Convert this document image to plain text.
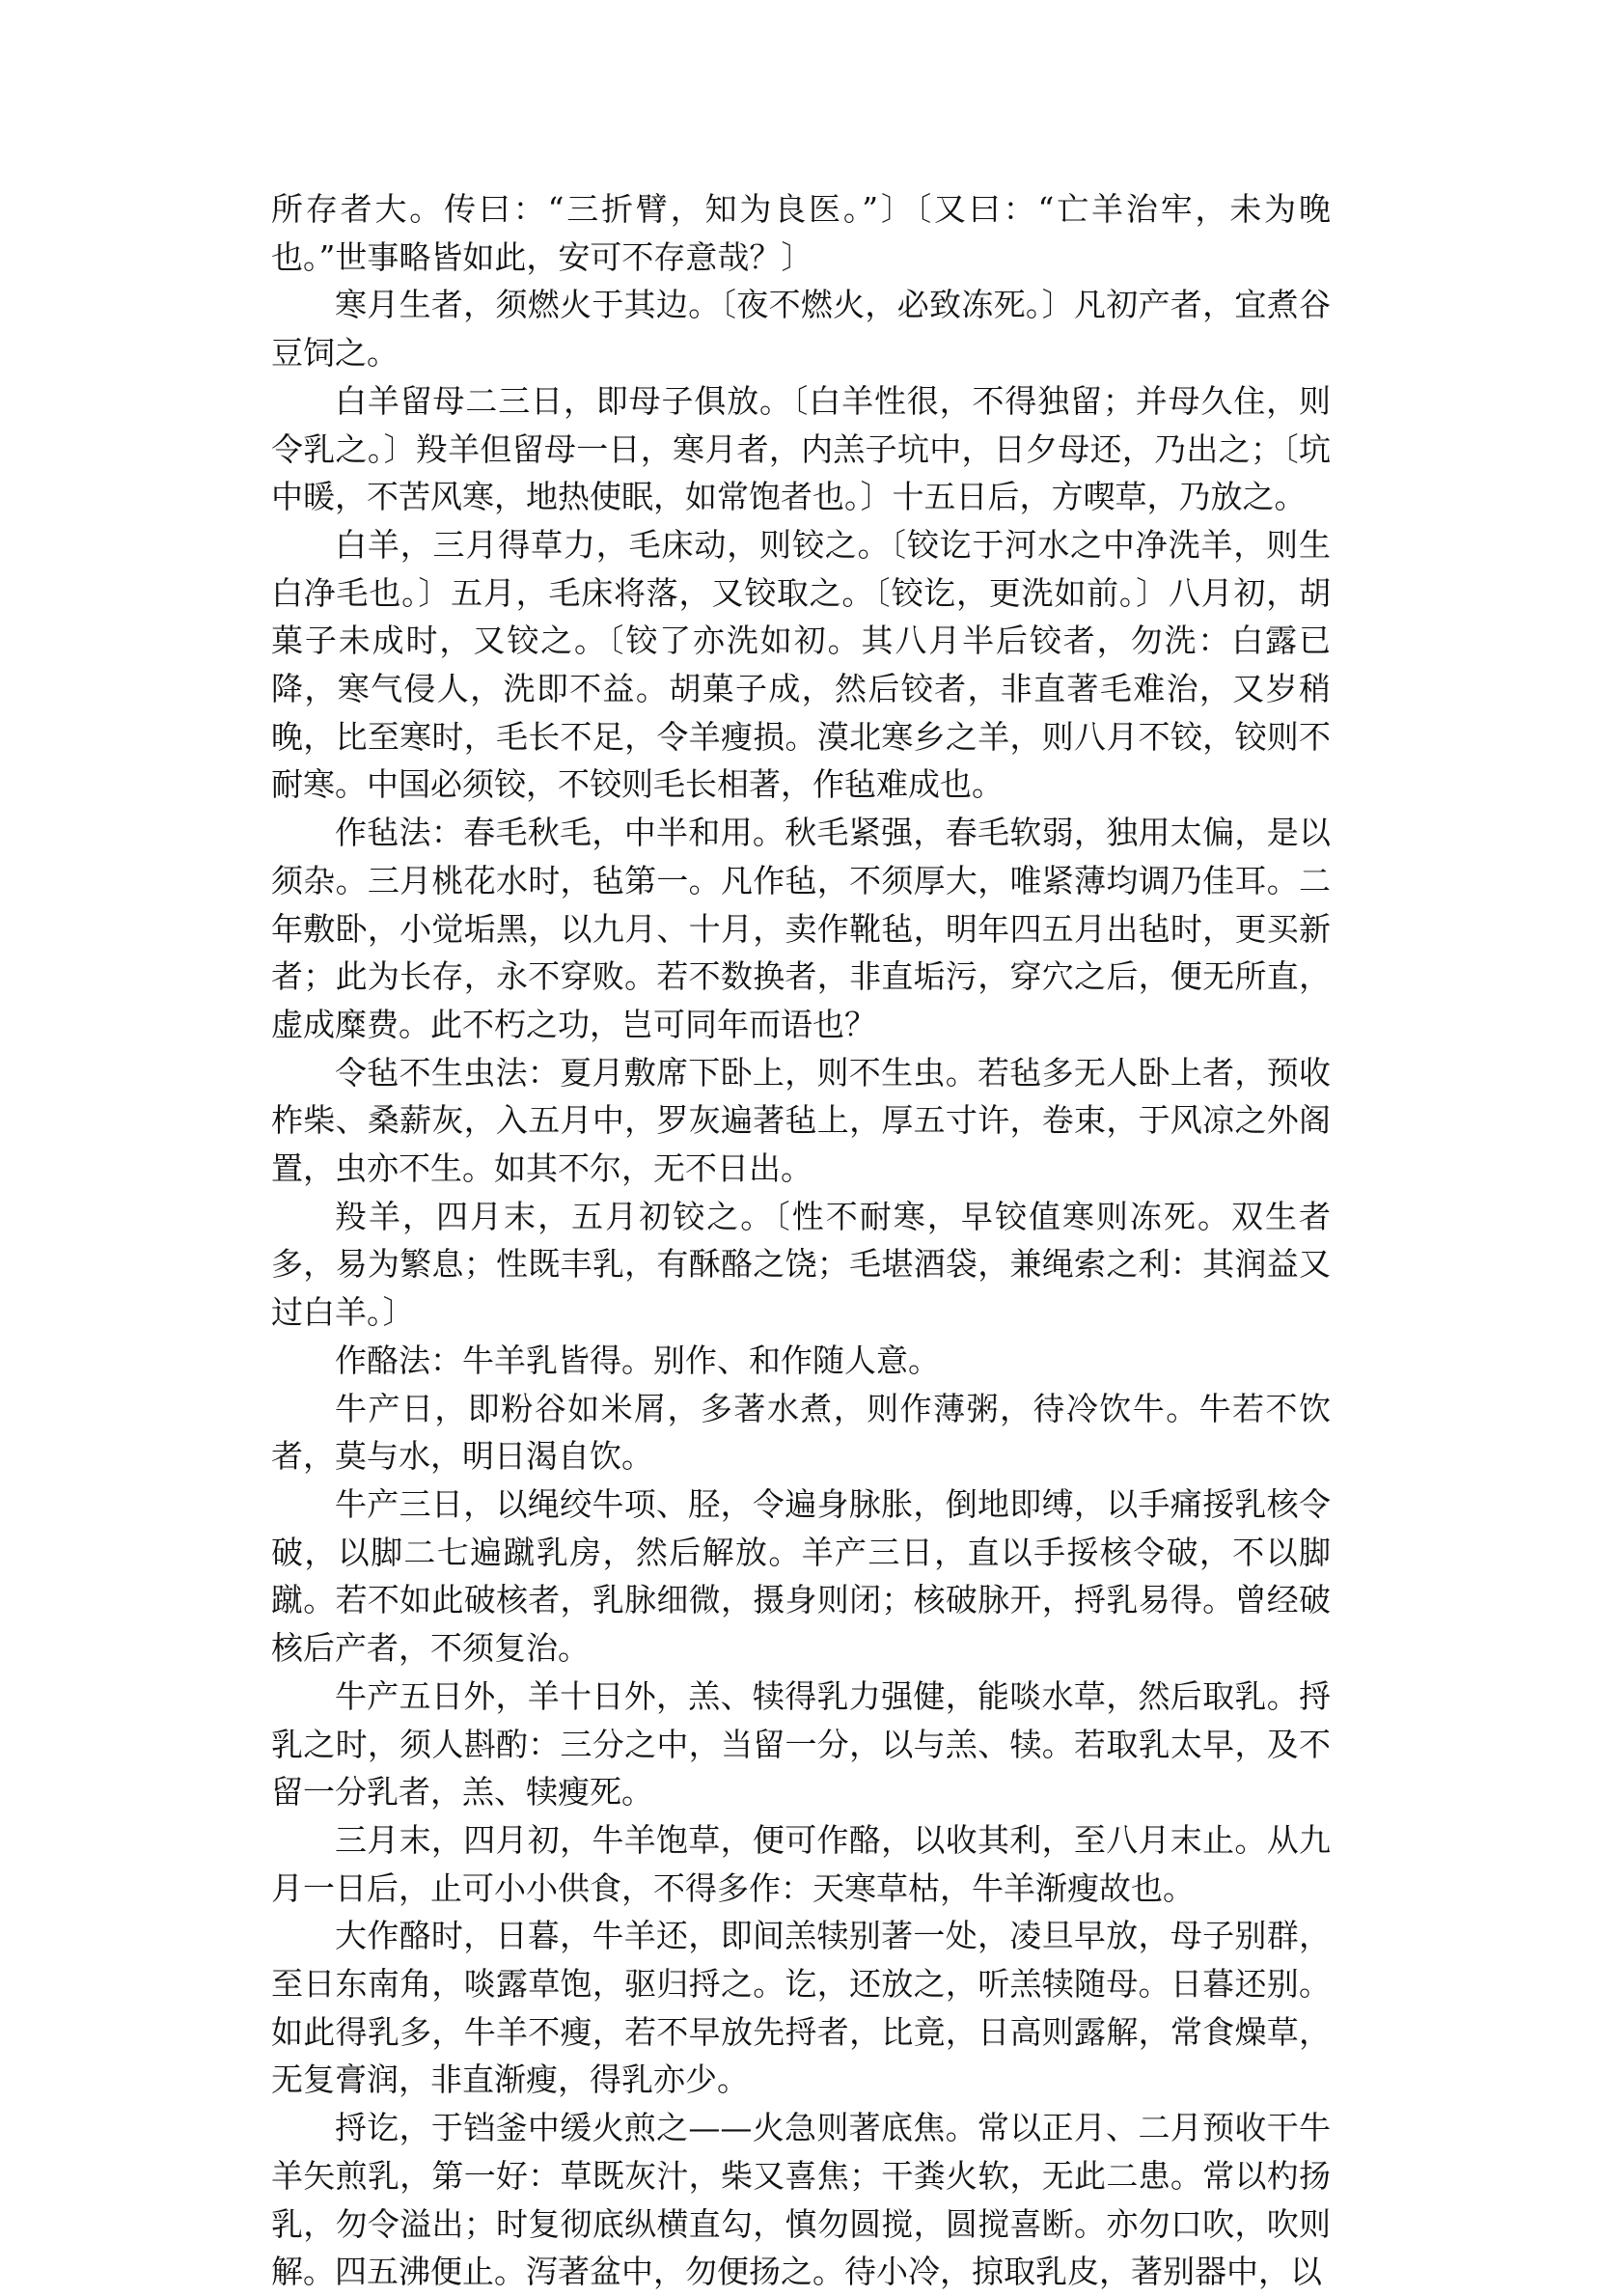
所存者大。传曰：“三折臂，知为良医。”〕〔又曰：“亡羊治牢，未为晚也。”世事略皆如此，安可不存意哉？〕

寒月生者，须燃火于其边。〔夜不燃火，必致冻死。〕凡初产者，宜煮谷豆饲之。

白羊留母二三日，即母子俱放。〔白羊性很，不得独留；并母久住，则令乳之。〕羖羊但留母一日，寒月者，内羔子坑中，日夕母还，乃出之；〔坑中暖，不苦风寒，地热使眠，如常饱者也。〕十五日后，方喫草，乃放之。

白羊，三月得草力，毛床动，则铰之。〔铰讫于河水之中净洗羊，则生白净毛也。〕五月，毛床将落，又铰取之。〔铰讫，更洗如前。〕八月初，胡菓子未成时，又铰之。〔铰了亦洗如初。其八月半后铰者，勿洗：白露已降，寒气侵人，洗即不益。胡菓子成，然后铰者，非直著毛难治，又岁稍晚，比至寒时，毛长不足，令羊瘦损。漠北寒乡之羊，则八月不铰，铰则不耐寒。中国必须铰，不铰则毛长相著，作毡难成也。

作毡法：春毛秋毛，中半和用。秋毛紧强，春毛软弱，独用太偏，是以须杂。三月桃花水时，毡第一。凡作毡，不须厚大，唯紧薄均调乃佳耳。二年敷卧，小觉垢黑，以九月、十月，卖作靴毡，明年四五月出毡时，更买新者；此为长存，永不穿败。若不数换者，非直垢污，穿穴之后，便无所直，虚成糜费。此不朽之功，岂可同年而语也？

令毡不生虫法：夏月敷席下卧上，则不生虫。若毡多无人卧上者，预收柞柴、桑薪灰，入五月中，罗灰遍著毡上，厚五寸许，卷束，于风凉之外阁置，虫亦不生。如其不尔，无不日出。

羖羊，四月末，五月初铰之。〔性不耐寒，早铰值寒则冻死。双生者多，易为繁息；性既丰乳，有酥酪之饶；毛堪酒袋，兼绳索之利：其润益又过白羊。〕

作酪法：牛羊乳皆得。别作、和作随人意。

牛产日，即粉谷如米屑，多著水煮，则作薄粥，待冷饮牛。牛若不饮者，莫与水，明日渴自饮。

牛产三日，以绳绞牛项、胫，令遍身脉胀，倒地即缚，以手痛挼乳核令破，以脚二七遍蹴乳房，然后解放。羊产三日，直以手挼核令破，不以脚蹴。若不如此破核者，乳脉细微，摄身则闭；核破脉开，捋乳易得。曾经破核后产者，不须复治。

牛产五日外，羊十日外，羔、犊得乳力强健，能啖水草，然后取乳。捋乳之时，须人斟酌：三分之中，当留一分，以与羔、犊。若取乳太早，及不留一分乳者，羔、犊瘦死。

三月末，四月初，牛羊饱草，便可作酪，以收其利，至八月末止。从九月一日后，止可小小供食，不得多作：天寒草枯，牛羊渐瘦故也。

大作酪时，日暮，牛羊还，即间羔犊别著一处，凌旦早放，母子别群，至日东南角，啖露草饱，驱归捋之。讫，还放之，听羔犊随母。日暮还别。如此得乳多，牛羊不瘦，若不早放先捋者，比竟，日高则露解，常食燥草，无复膏润，非直渐瘦，得乳亦少。

捋讫，于铛釜中缓火煎之——火急则著底焦。常以正月、二月预收干牛羊矢煎乳，第一好：草既灰汁，柴又喜焦；干粪火软，无此二患。常以杓扬乳，勿令溢出；时复彻底纵横直勾，慎勿圆搅，圆搅喜断。亦勿口吹，吹则解。四五沸便止。泻著盆中，勿便扬之。待小冷，掠取乳皮，著别器中，以
